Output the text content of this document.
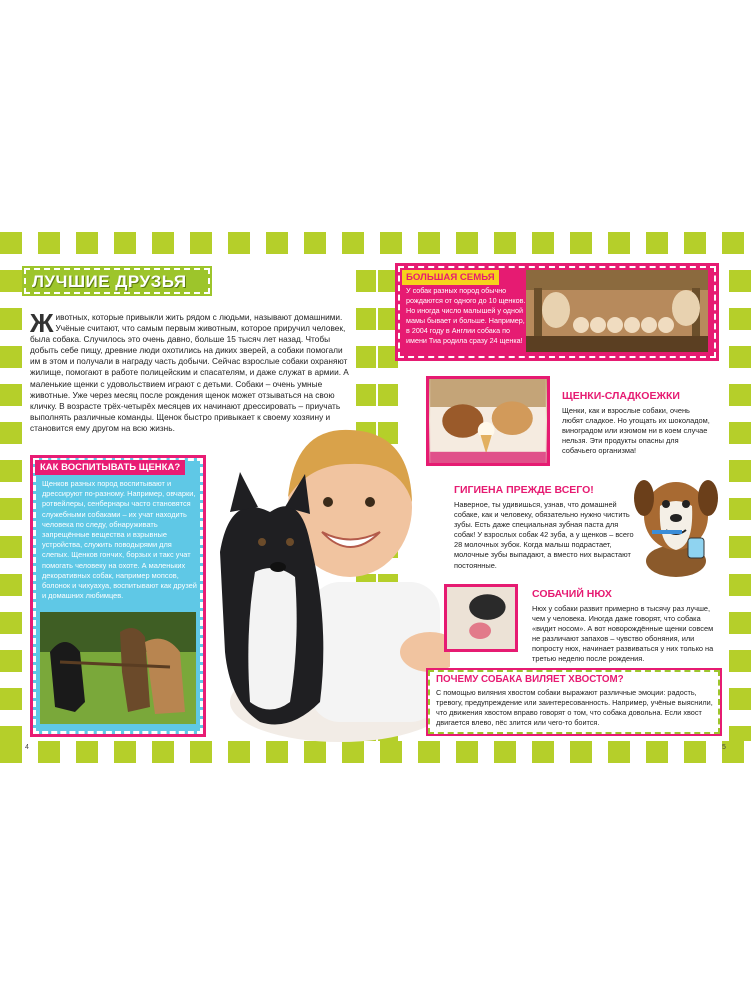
ЛУЧШИЕ ДРУЗЬЯ
Ж ивотных, которые привыкли жить рядом с людьми, называют домашними. Учёные считают, что самым первым животным, которое приручил человек, была собака. Случилось это очень давно, больше 15 тысяч лет назад. Чтобы добыть себе пищу, древние люди охотились на диких зверей, а собаки помогали им в этом и получали в награду часть добычи. Сейчас взрослые собаки охраняют жилище, помогают в работе полицейским и спасателям, и даже служат в армии. А маленькие щенки с удовольствием играют с детьми. Собаки – очень умные животные. Уже через месяц после рождения щенок может отзываться на свою кличку. В возрасте трёх-четырёх месяцев их начинают дрессировать – приучать выполнять различные команды. Щенок быстро привыкает к своему хозяину и становится ему другом на всю жизнь.
КАК ВОСПИТЫВАТЬ ЩЕНКА?
Щенков разных пород воспитывают и дрессируют по-разному. Например, овчарки, ротвейлеры, сенбернары часто становятся служебными собаками – их учат находить человека по следу, обнаруживать запрещённые вещества и взрывные устройства, служить поводырями для слепых. Щенков гончих, борзых и такс учат помогать человеку на охоте. А маленьких декоративных собак, например мопсов, болонок и чихуахуа, воспитывают как друзей и домашних любимцев.
4
БОЛЬШАЯ СЕМЬЯ
У собак разных пород обычно рождаются от одного до 10 щенков. Но иногда число малышей у одной мамы бывает и больше. Например, в 2004 году в Англии собака по имени Тиа родила сразу 24 щенка!
ЩЕНКИ-СЛАДКОЕЖКИ
Щенки, как и взрослые собаки, очень любят сладкое. Но угощать их шоколадом, виноградом или изюмом ни в коем случае нельзя. Эти продукты опасны для собачьего организма!
ГИГИЕНА ПРЕЖДЕ ВСЕГО!
Наверное, ты удивишься, узнав, что домашней собаке, как и человеку, обязательно нужно чистить зубы. Есть даже специальная зубная паста для собак! У взрослых собак 42 зуба, а у щенков – всего 28 молочных зубок. Когда малыш подрастает, молочные зубы выпадают, а вместо них вырастают постоянные.
СОБАЧИЙ НЮХ
Нюх у собаки развит примерно в тысячу раз лучше, чем у человека. Иногда даже говорят, что собака «видит носом». А вот новорождённые щенки совсем не различают запахов – чувство обоняния, или попросту нюх, начинает развиваться у них только на третью неделю после рождения.
ПОЧЕМУ СОБАКА ВИЛЯЕТ ХВОСТОМ?
С помощью виляния хвостом собаки выражают различные эмоции: радость, тревогу, предупреждение или заинтересованность. Например, учёные выяснили, что движения хвостом вправо говорят о том, что собака довольна. Если хвост двигается влево, пёс злится или чего-то боится.
5
